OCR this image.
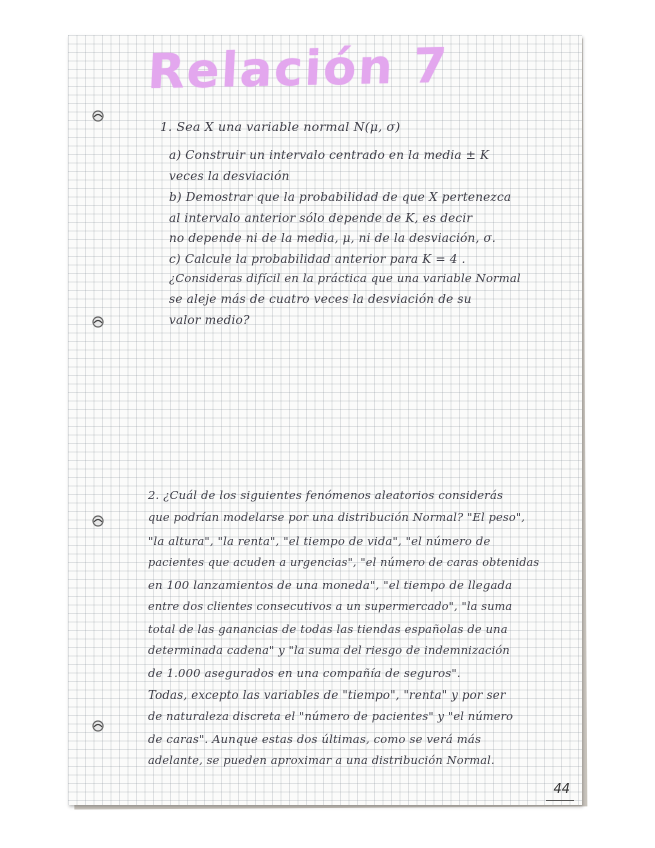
Relación 7
1. Sea X una variable normal N(μ, σ)
a) Construir un intervalo centrado en la media ± K
veces la desviación
b) Demostrar que la probabilidad de que X pertenezca
al intervalo anterior sólo depende de K, es decir
no depende ni de la media, μ, ni de la desviación, σ.
c) Calcule la probabilidad anterior para K = 4 .
¿Consideras difícil en la práctica que una variable Normal
se aleje más de cuatro veces la desviación de su
valor medio?
2. ¿Cuál de los siguientes fenómenos aleatorios considerás
que podrían modelarse por una distribución Normal? "El peso",
"la altura", "la renta", "el tiempo de vida", "el número de
pacientes que acuden a urgencias", "el número de caras obtenidas
en 100 lanzamientos de una moneda", "el tiempo de llegada
entre dos clientes consecutivos a un supermercado", "la suma
total de las ganancias de todas las tiendas españolas de una
determinada cadena" y "la suma del riesgo de indemnización
de 1.000 asegurados en una compañía de seguros".
Todas, excepto las variables de "tiempo", "renta" y por ser
de naturaleza discreta el "número de pacientes" y "el número
de caras". Aunque estas dos últimas, como se verá más
adelante, se pueden aproximar a una distribución Normal.
44
